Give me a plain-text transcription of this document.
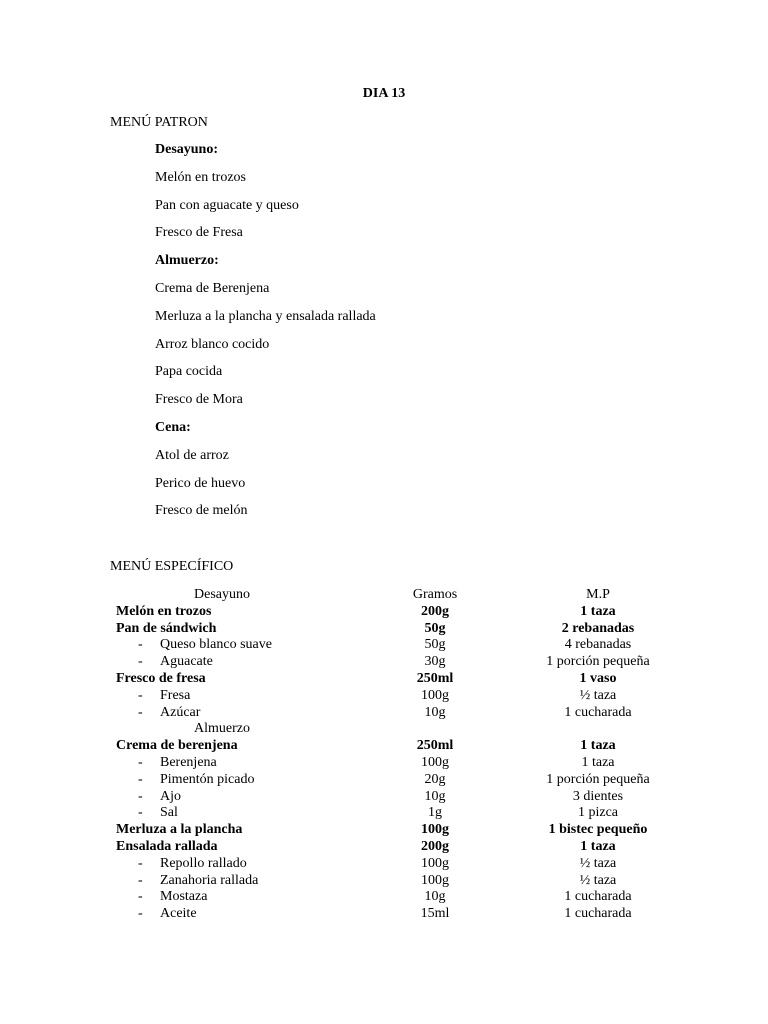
DIA 13
MENÚ PATRON
Desayuno:
Melón en trozos
Pan con aguacate y queso
Fresco de Fresa
Almuerzo:
Crema de Berenjena
Merluza a la plancha y ensalada rallada
Arroz blanco cocido
Papa cocida
Fresco de Mora
Cena:
Atol de arroz
Perico de huevo
Fresco de melón
MENÚ ESPECÍFICO
Desayuno	Gramos	M.P
Melón en trozos	200g	1 taza
Pan de sándwich	50g	2 rebanadas
- Queso blanco suave	50g	4 rebanadas
- Aguacate	30g	1 porción pequeña
Fresco de fresa	250ml	1 vaso
- Fresa	100g	½ taza
- Azúcar	10g	1 cucharada
Almuerzo		
Crema de berenjena	250ml	1 taza
- Berenjena	100g	1 taza
- Pimentón picado	20g	1 porción pequeña
- Ajo	10g	3 dientes
- Sal	1g	1 pizca
Merluza a la plancha	100g	1 bistec pequeño
Ensalada rallada	200g	1 taza
- Repollo rallado	100g	½ taza
- Zanahoria rallada	100g	½ taza
- Mostaza	10g	1 cucharada
- Aceite	15ml	1 cucharada
